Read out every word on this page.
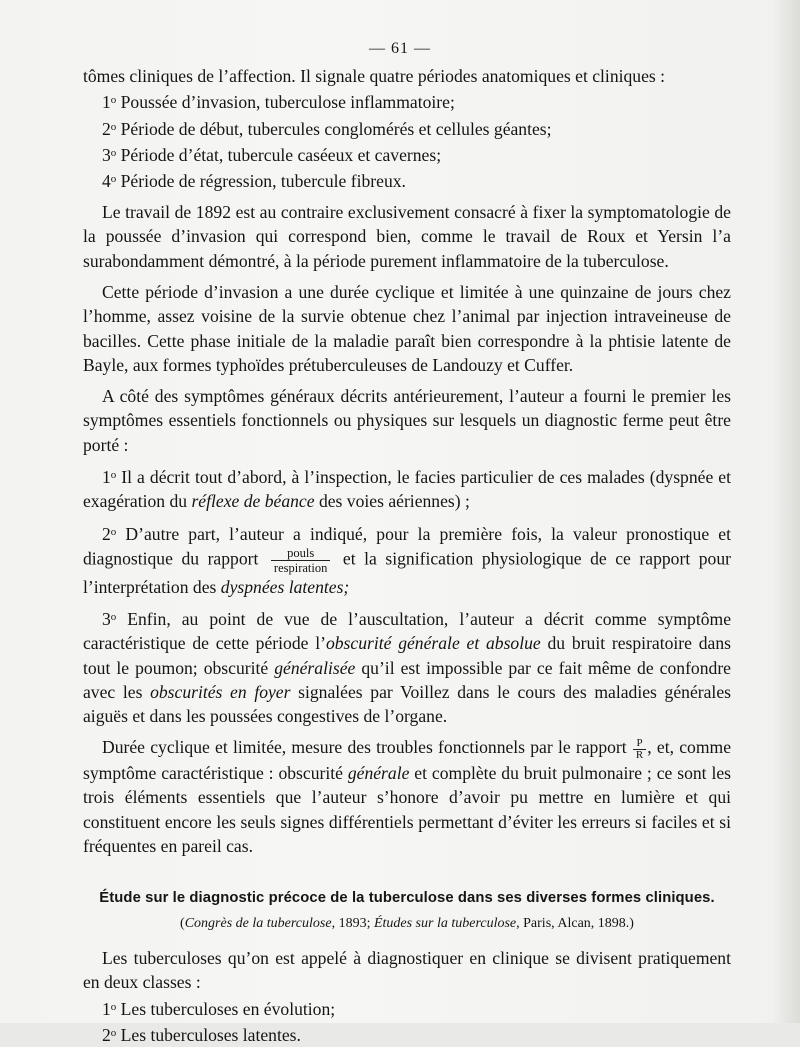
— 61 —

tômes cliniques de l’affection. Il signale quatre périodes anatomiques et cliniques :

1$^o$ Poussée d’invasion, tuberculose inflammatoire;

2$^o$ Période de début, tubercules conglomérés et cellules géantes;

3$^o$ Période d’état, tubercule caséeux et cavernes;

4$^o$ Période de régression, tubercule fibreux.

Le travail de 1892 est au contraire exclusivement consacré à fixer la symptomatologie de la poussée d’invasion qui correspond bien, comme le travail de Roux et Yersin l’a surabondamment démontré, à la période purement inflammatoire de la tuberculose.

Cette période d’invasion a une durée cyclique et limitée à une quinzaine de jours chez l’homme, assez voisine de la survie obtenue chez l’animal par injection intraveineuse de bacilles. Cette phase initiale de la maladie paraît bien correspondre à la phtisie latente de Bayle, aux formes typhoïdes prétuberculeuses de Landouzy et Cuffer.

A côté des symptômes généraux décrits antérieurement, l’auteur a fourni le premier les symptômes essentiels fonctionnels ou physiques sur lesquels un diagnostic ferme peut être porté :

1$^o$ Il a décrit tout d’abord, à l’inspection, le facies particulier de ces malades (dyspnée et exagération du réflexe de béance des voies aériennes) ;

2$^o$ D’autre part, l’auteur a indiqué, pour la première fois, la valeur pronostique et diagnostique du rapport $\frac{\text{pouls}}{\text{respiration}}$ et la signification physiologique de ce rapport pour l’interprétation des dyspnées latentes;

3$^o$ Enfin, au point de vue de l’auscultation, l’auteur a décrit comme symptôme caractéristique de cette période l’obscurité générale et absolue du bruit respiratoire dans tout le poumon; obscurité généralisée qu’il est impossible par ce fait même de confondre avec les obscurités en foyer signalées par Voillez dans le cours des maladies générales aiguës et dans les poussées congestives de l’organe.

Durée cyclique et limitée, mesure des troubles fonctionnels par le rapport $\frac{P}{R}$ , et, comme symptôme caractéristique : obscurité générale et complète du bruit pulmonaire ; ce sont les trois éléments essentiels que l’auteur s’honore d’avoir pu mettre en lumière et qui constituent encore les seuls signes différentiels permettant d’éviter les erreurs si faciles et si fréquentes en pareil cas.

Étude sur le diagnostic précoce de la tuberculose dans ses diverses formes cliniques.
(Congrès de la tuberculose, 1893; Études sur la tuberculose, Paris, Alcan, 1898.)

Les tuberculoses qu’on est appelé à diagnostiquer en clinique se divisent pratiquement en deux classes :

1$^o$ Les tuberculoses en évolution;

2$^o$ Les tuberculoses latentes.
